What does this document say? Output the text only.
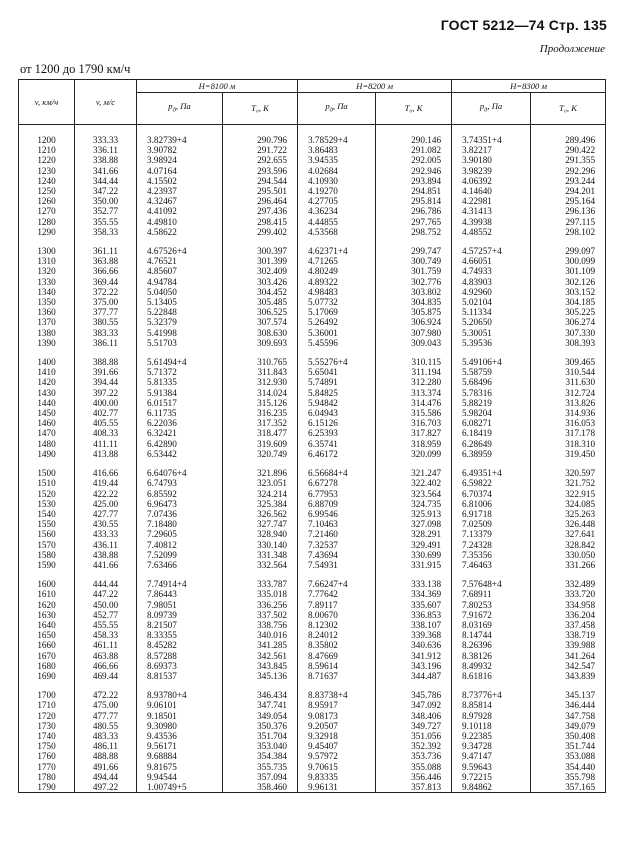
ГОСТ 5212—74 Стр. 135
Продолжение
от 1200 до 1790 км/ч
v, км/ч	v, м/с	H=8100 м		H=8200 м		H=8300 м	
		$p_д$, Па	T₀, К	$p_д$, Па	T₀, К	$p_д$, Па	T₀, К
1200	333.33	3.82739+4	290.796	3.78529+4	290.146	3.74351+4	289.496
1210	336.11	3.90782	291.722	3.86483	291.082	3.82217	290.422
1220	338.88	3.98924	292.655	3.94535	292.005	3.90180	291.355
1230	341.66	4.07164	293.596	4.02684	292.946	3.98239	292.296
1240	344.44	4.15502	294.544	4.10930	293.894	4.06392	293.244
1250	347.22	4.23937	295.501	4.19270	294.851	4.14640	294.201
1260	350.00	4.32467	296.464	4.27705	295.814	4.22981	295.164
1270	352.77	4.41092	297.436	4.36234	296.786	4.31413	296.136
1280	355.55	4.49810	298.415	4.44855	297.765	4.39938	297.115
1290	358.33	4.58622	299.402	4.53568	298.752	4.48552	298.102

1300	361.11	4.67526+4	300.397	4.62371+4	299.747	4.57257+4	299.097
1310	363.88	4.76521	301.399	4.71265	300.749	4.66051	300.099
1320	366.66	4.85607	302.409	4.80249	301.759	4.74933	301.109
1330	369.44	4.94784	303.426	4.89322	302.776	4.83903	302.126
1340	372.22	5.04050	304.452	4.98483	303.802	4.92960	303.152
1350	375.00	5.13405	305.485	5.07732	304.835	5.02104	304.185
1360	377.77	5.22848	306.525	5.17069	305.875	5.11334	305.225
1370	380.55	5.32379	307.574	5.26492	306.924	5.20650	306.274
1380	383.33	5.41998	308.630	5.36001	307.980	5.30051	307.330
1390	386.11	5.51703	309.693	5.45596	309.043	5.39536	308.393

1400	388.88	5.61494+4	310.765	5.55276+4	310.115	5.49106+4	309.465
1410	391.66	5.71372	311.843	5.65041	311.194	5.58759	310.544
1420	394.44	5.81335	312.930	5.74891	312.280	5.68496	311.630
1430	397.22	5.91384	314.024	5.84825	313.374	5.78316	312.724
1440	400.00	6.01517	315.126	5.94842	314.476	5.88219	313.826
1450	402.77	6.11735	316.235	6.04943	315.586	5.98204	314.936
1460	405.55	6.22036	317.352	6.15126	316.703	6.08271	316.053
1470	408.33	6.32421	318.477	6.25393	317.827	6.18419	317.178
1480	411.11	6.42890	319.609	6.35741	318.959	6.28649	318.310
1490	413.88	6.53442	320.749	6.46172	320.099	6.38959	319.450

1500	416.66	6.64076+4	321.896	6.56684+4	321.247	6.49351+4	320.597
1510	419.44	6.74793	323.051	6.67278	322.402	6.59822	321.752
1520	422.22	6.85592	324.214	6.77953	323.564	6.70374	322.915
1530	425.00	6.96473	325.384	6.88709	324.735	6.81006	324.085
1540	427.77	7.07436	326.562	6.99546	325.913	6.91718	325.263
1550	430.55	7.18480	327.747	7.10463	327.098	7.02509	326.448
1560	433.33	7.29605	328.940	7.21460	328.291	7.13379	327.641
1570	436.11	7.40812	330.140	7.32537	329.491	7.24328	328.842
1580	438.88	7.52099	331.348	7.43694	330.699	7.35356	330.050
1590	441.66	7.63466	332.564	7.54931	331.915	7.46463	331.266

1600	444.44	7.74914+4	333.787	7.66247+4	333.138	7.57648+4	332.489
1610	447.22	7.86443	335.018	7.77642	334.369	7.68911	333.720
1620	450.00	7.98051	336.256	7.89117	335.607	7.80253	334.958
1630	452.77	8.09739	337.502	8.00670	336.853	7.91672	336.204
1640	455.55	8.21507	338.756	8.12302	338.107	8.03169	337.458
1650	458.33	8.33355	340.016	8.24012	339.368	8.14744	338.719
1660	461.11	8.45282	341.285	8.35802	340.636	8.26396	339.988
1670	463.88	8.57288	342.561	8.47669	341.912	8.38126	341.264
1680	466.66	8.69373	343.845	8.59614	343.196	8.49932	342.547
1690	469.44	8.81537	345.136	8.71637	344.487	8.61816	343.839

1700	472.22	8.93780+4	346.434	8.83738+4	345.786	8.73776+4	345.137
1710	475.00	9.06101	347.741	8.95917	347.092	8.85814	346.444
1720	477.77	9.18501	349.054	9.08173	348.406	8.97928	347.758
1730	480.55	9.30980	350.376	9.20507	349.727	9.10118	349.079
1740	483.33	9.43536	351.704	9.32918	351.056	9.22385	350.408
1750	486.11	9.56171	353.040	9.45407	352.392	9.34728	351.744
1760	488.88	9.68884	354.384	9.57972	353.736	9.47147	353.088
1770	491.66	9.81675	355.735	9.70615	355.088	9.59643	354.440
1780	494.44	9.94544	357.094	9.83335	356.446	9.72215	355.798
1790	497.22	1.00749+5	358.460	9.96131	357.813	9.84862	357.165
